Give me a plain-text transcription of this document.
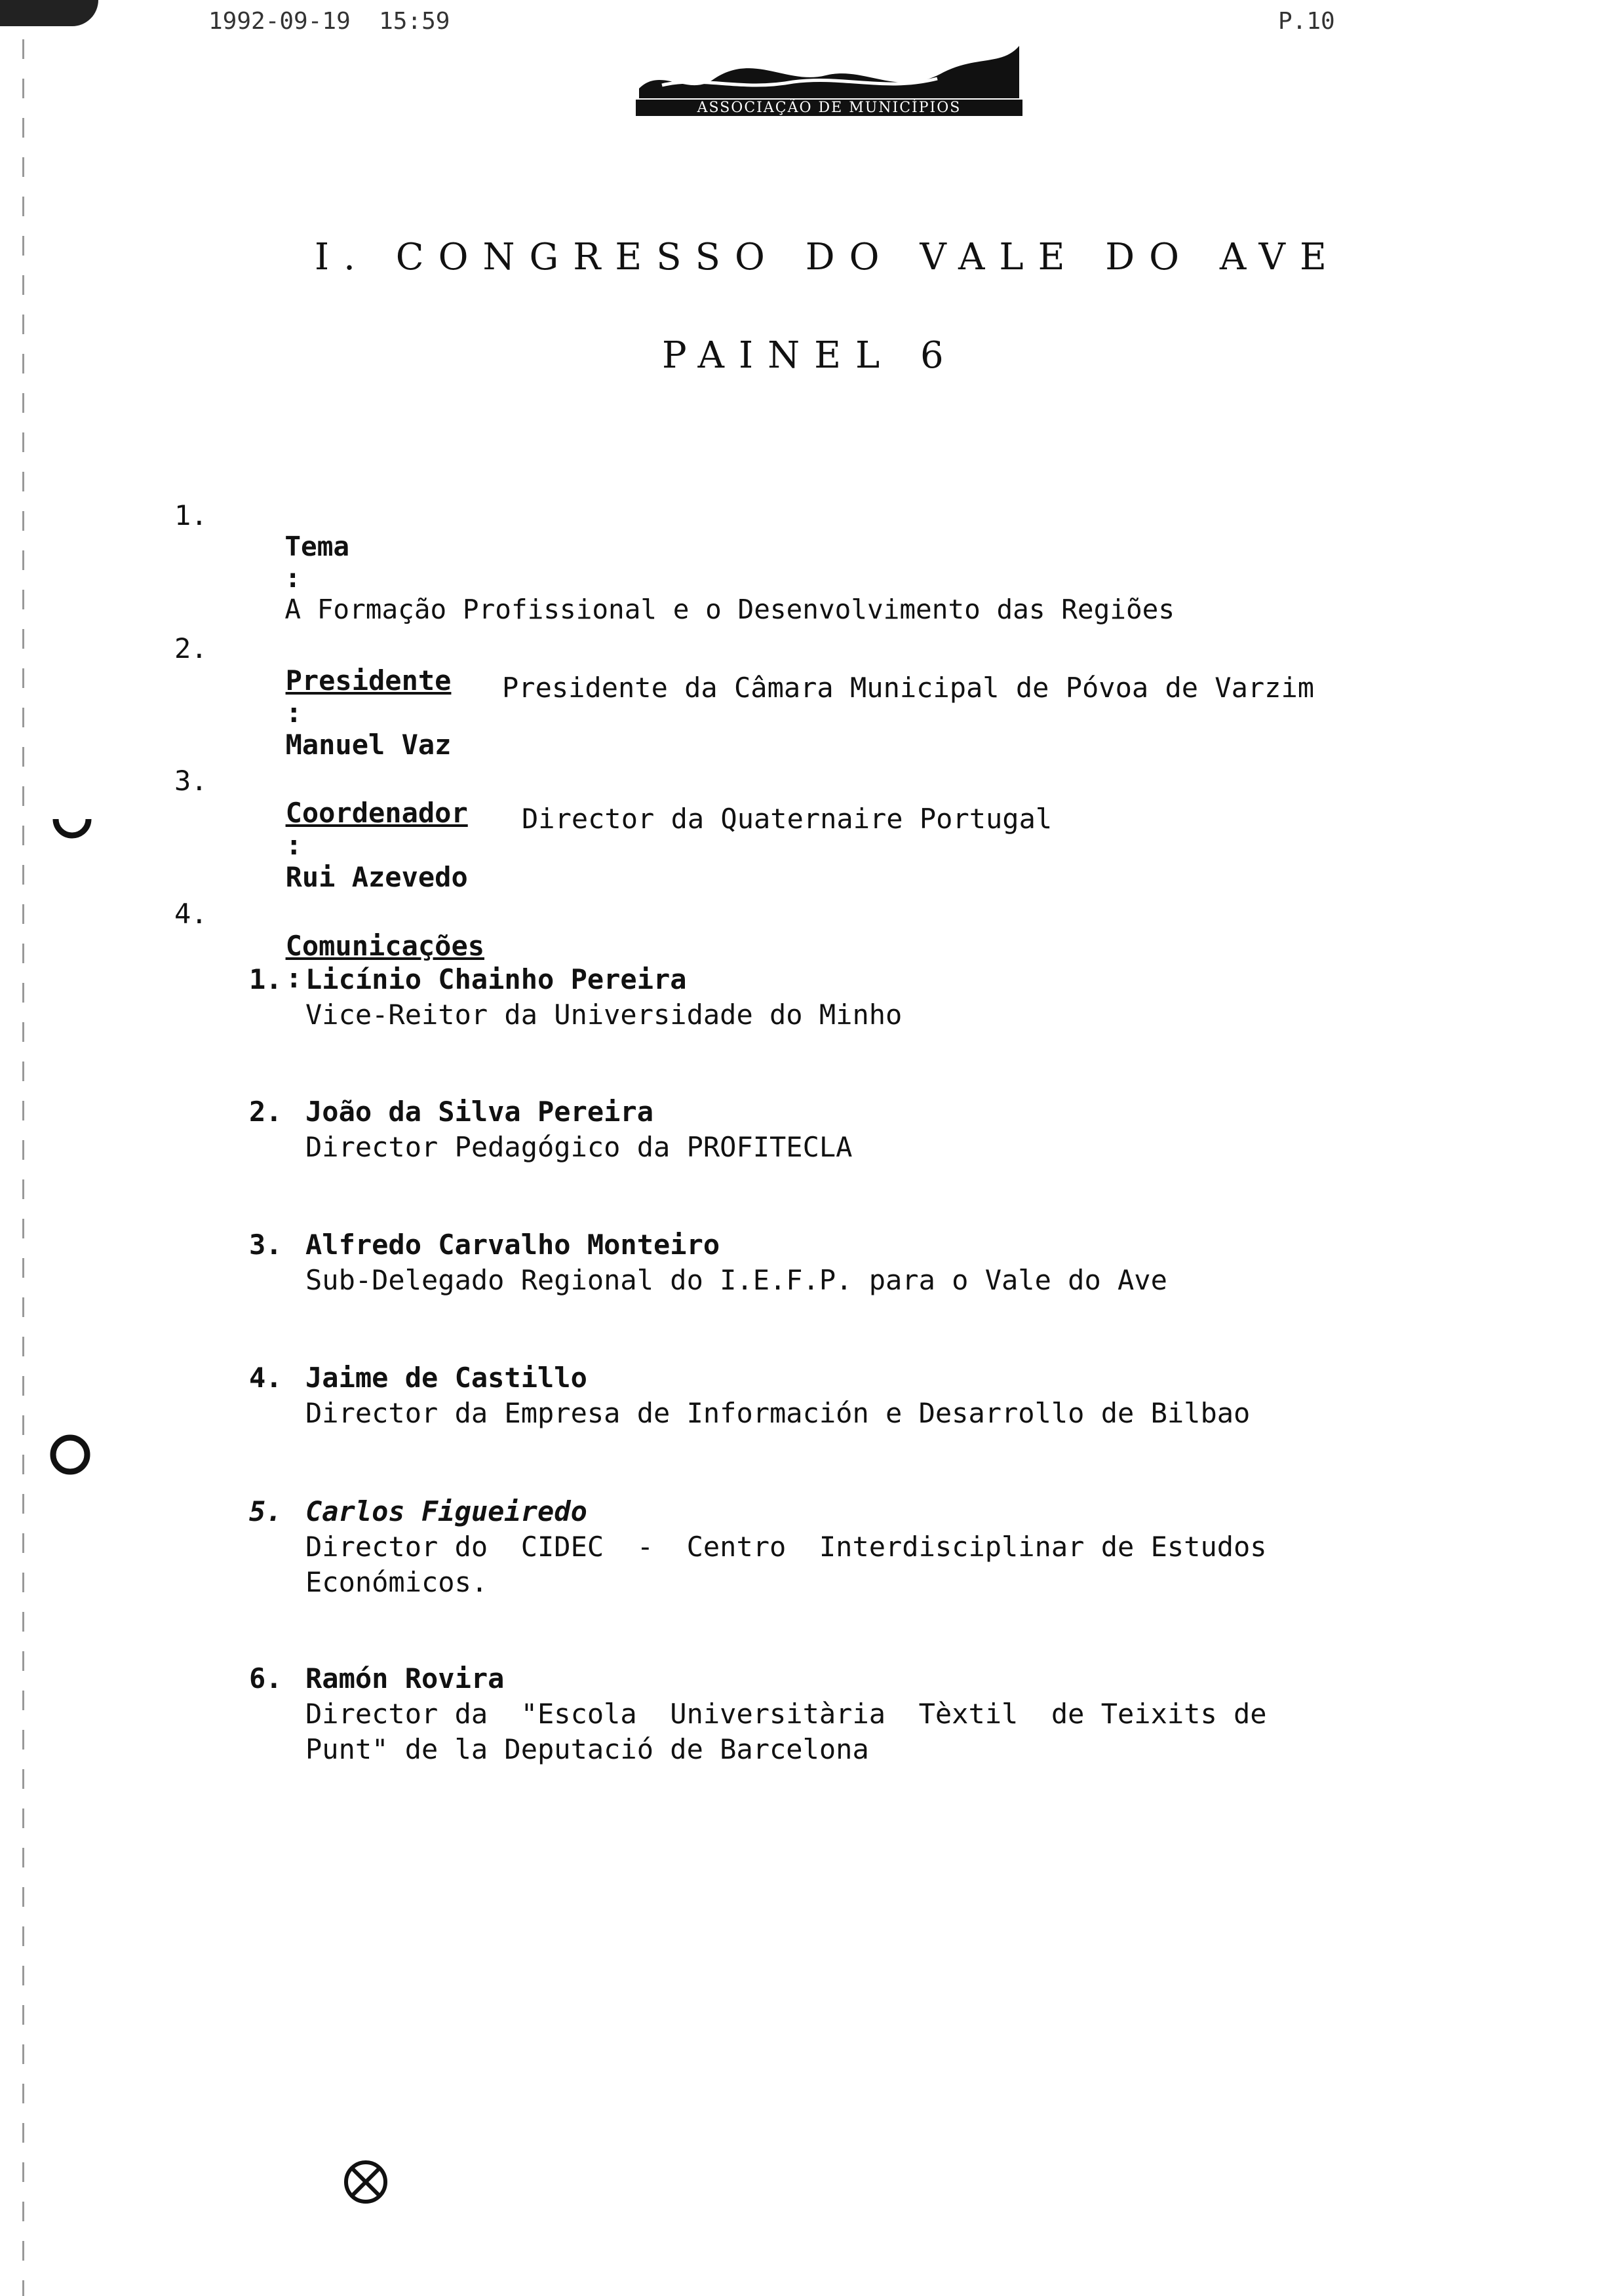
1992-09-19  15:59	P.10
ASSOCIAÇÃO DE MUNICÍPIOS
I. CONGRESSO DO VALE DO AVE
PAINEL 6
1.

Tema
:
A Formação Profissional e o Desenvolvimento das Regiões

2.

Presidente
:
Manuel Vaz

Presidente da Câmara Municipal de Póvoa de Varzim
3.

Coordenador
:
Rui Azevedo

Director da Quaternaire Portugal
4.

Comunicações
:

1. Licínio Chainho Pereira
Vice-Reitor da Universidade do Minho
2. João da Silva Pereira
Director Pedagógico da PROFITECLA
3. Alfredo Carvalho Monteiro
Sub-Delegado Regional do I.E.F.P. para o Vale do Ave
4. Jaime de Castillo
Director da Empresa de Información e Desarrollo de Bilbao
5. Carlos Figueiredo
Director do  CIDEC  -  Centro  Interdisciplinar de Estudos
Económicos.
6. Ramón Rovira
Director da  "Escola  Universitària  Tèxtil  de Teixits de
Punt" de la Deputació de Barcelona
